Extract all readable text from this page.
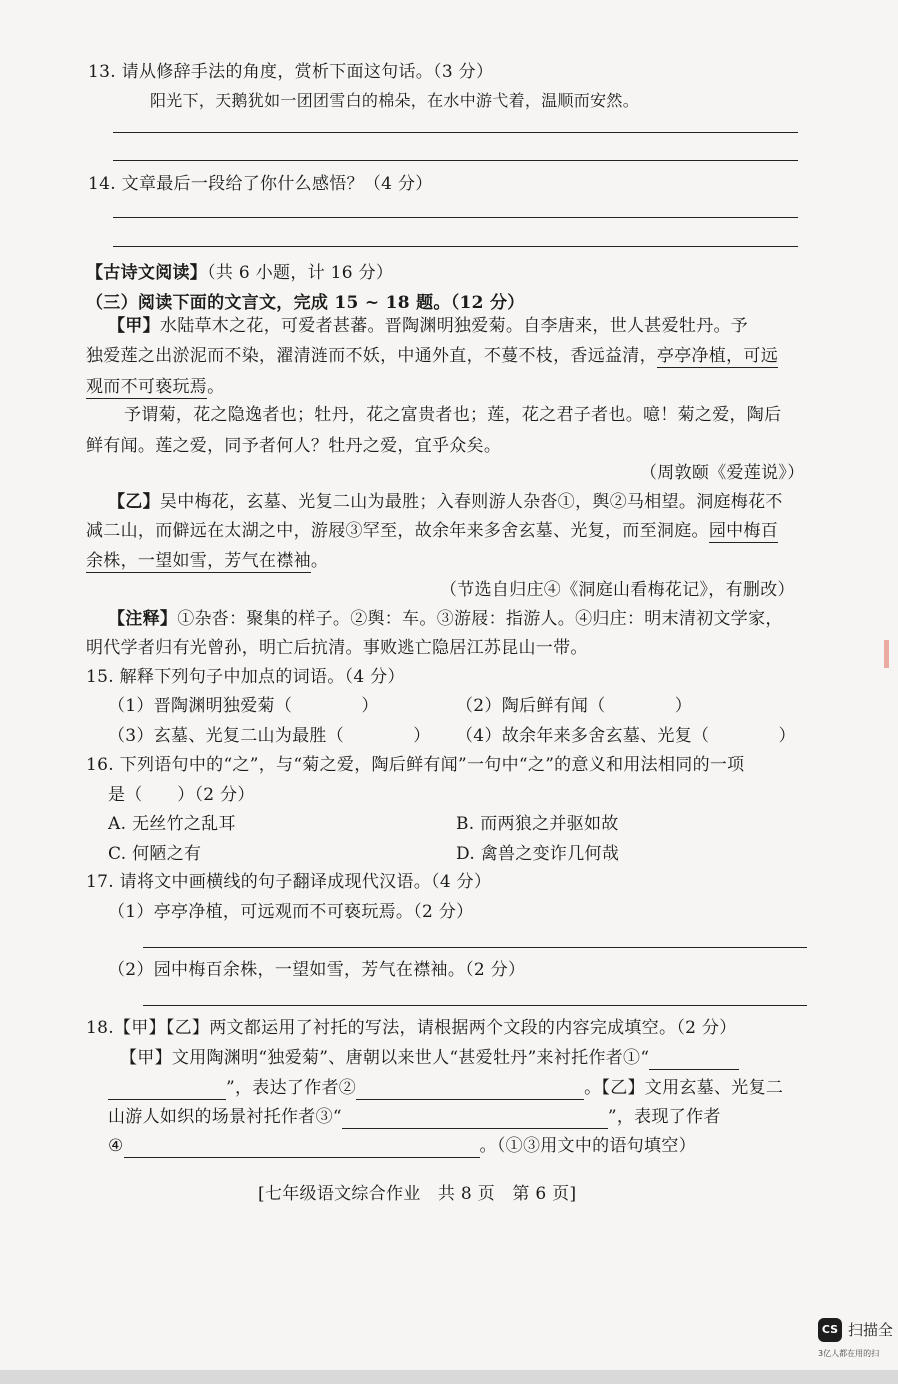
13. 请从修辞手法的角度，赏析下面这句话。（3 分）
阳光下，天鹅犹如一团团雪白的棉朵，在水中游弋着，温顺而安然。
14. 文章最后一段给了你什么感悟？（4 分）
【古诗文阅读】（共 6 小题，计 16 分）
（三）阅读下面的文言文，完成 15 ~ 18 题。（12 分）
【甲】水陆草木之花，可爱者甚蕃。晋陶渊明独爱菊。自李唐来，世人甚爱牡丹。予
独爱莲之出淤泥而不染，濯清涟而不妖，中通外直，不蔓不枝，香远益清，亭亭净植，可远
观而不可亵玩焉。
予谓菊，花之隐逸者也；牡丹，花之富贵者也；莲，花之君子者也。噫！菊之爱，陶后
鲜有闻。莲之爱，同予者何人？牡丹之爱，宜乎众矣。
（周敦颐《爱莲说》）
【乙】吴中梅花，玄墓、光复二山为最胜；入春则游人杂沓①，舆②马相望。洞庭梅花不
减二山，而僻远在太湖之中，游屐③罕至，故余年来多舍玄墓、光复，而至洞庭。园中梅百
余株，一望如雪，芳气在襟袖。
（节选自归庄④《洞庭山看梅花记》，有删改）
【注释】①杂沓：聚集的样子。②舆：车。③游屐：指游人。④归庄：明末清初文学家，
明代学者归有光曾孙，明亡后抗清。事败逃亡隐居江苏昆山一带。
15. 解释下列句子中加点的词语。（4 分）
（1）晋陶渊明独爱菊（　　　　）	（2）陶后鲜有闻（　　　　）
（3）玄墓、光复二山为最胜（　　　　） （4）故余年来多舍玄墓、光复（　　　　）
16. 下列语句中的“之”，与“菊之爱，陶后鲜有闻”一句中“之”的意义和用法相同的一项
是（　　）（2 分）
A. 无丝竹之乱耳	B. 而两狼之并驱如故
C. 何陋之有	D. 禽兽之变诈几何哉
17. 请将文中画横线的句子翻译成现代汉语。（4 分）
（1）亭亭净植，可远观而不可亵玩焉。（2 分）
（2）园中梅百余株，一望如雪，芳气在襟袖。（2 分）
18.【甲】【乙】两文都运用了衬托的写法，请根据两个文段的内容完成填空。（2 分）
【甲】文用陶渊明“独爱菊”、唐朝以来世人“甚爱牡丹”来衬托作者①“
”，表达了作者②	。【乙】文用玄墓、光复二
山游人如织的场景衬托作者③“	”，表现了作者
④	。（①③用文中的语句填空）
[七年级语文综合作业　共 8 页　第 6 页]
CS 扫描全
3亿人都在用的扫
